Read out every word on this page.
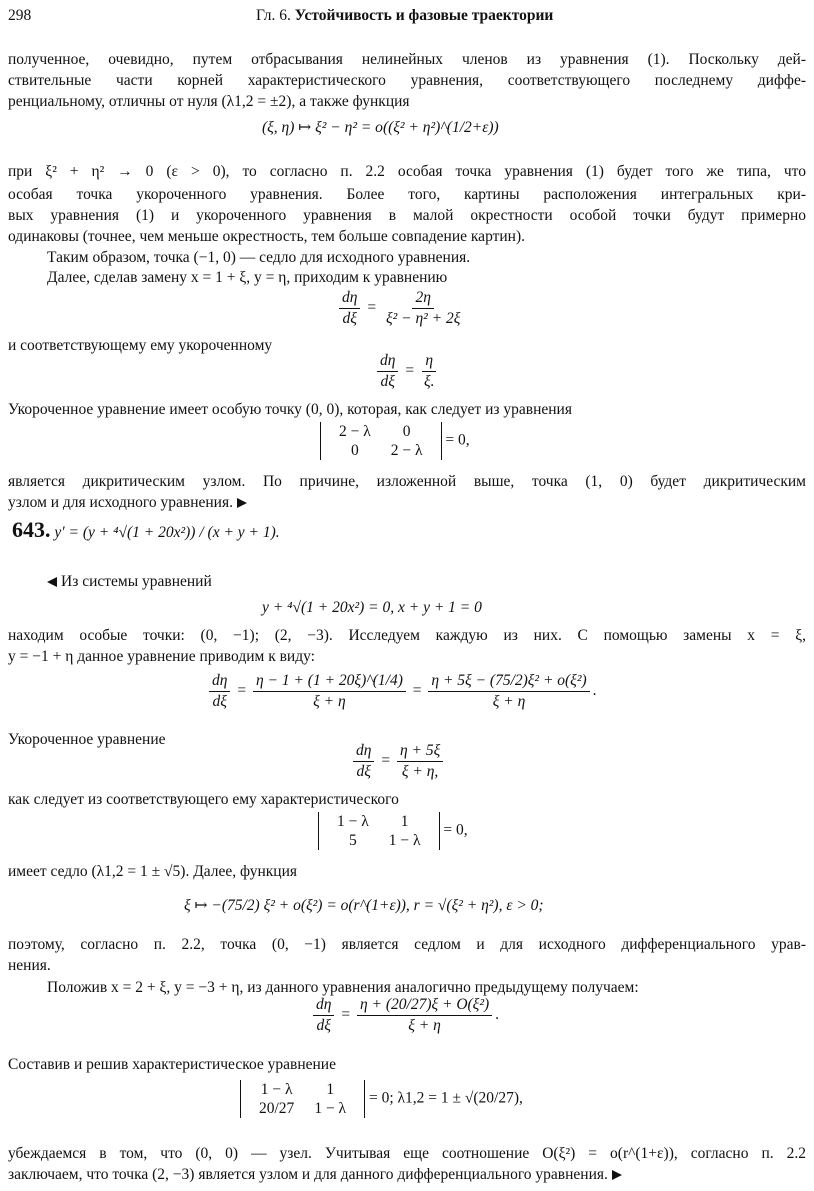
298	Гл. 6. Устойчивость и фазовые траектории
полученное, очевидно, путем отбрасывания нелинейных членов из уравнения (1). Поскольку дей-
ствительные части корней характеристического уравнения, соответствующего последнему диффе-
ренциальному, отличны от нуля (λ1,2 = ±2), а также функция
(ξ, η) ↦ ξ² − η² = o((ξ² + η²)^(1/2+ε))
при ξ² + η² → 0 (ε > 0), то согласно п. 2.2 особая точка уравнения (1) будет того же типа, что
особая точка укороченного уравнения. Более того, картины расположения интегральных кри-
вых уравнения (1) и укороченного уравнения в малой окрестности особой точки будут примерно
одинаковы (точнее, чем меньше окрестность, тем больше совпадение картин).
Таким образом, точка (−1, 0) — седло для исходного уравнения.
Далее, сделав замену x = 1 + ξ, y = η, приходим к уравнению
$\frac{d\eta}{d\xi} = \frac{2\eta}{\text{ξ² − η² + 2ξ}}$
и соответствующему ему укороченному
$\frac{d\eta}{d\xi} = \frac{\eta}{\xi.}$
Укороченное уравнение имеет особую точку (0, 0), которая, как следует из уравнения
2 − λ	0
0	2 − λ
= 0,
является дикритическим узлом. По причине, изложенной выше, точка (1, 0) будет дикритическим
узлом и для исходного уравнения.
643. y′ = (y + ⁴√(1 + 20x²)) / (x + y + 1).
Из системы уравнений
y + ⁴√(1 + 20x²) = 0, x + y + 1 = 0
находим особые точки: (0, −1); (2, −3). Исследуем каждую из них. С помощью замены x = ξ,
y = −1 + η данное уравнение приводим к виду:
$\frac{d\eta}{d\xi} = \frac{\eta - 1 + (1 + 20\xi)\^{}(1/4)}{\xi + \eta} = \frac{\text{η + 5ξ − (75/2)ξ² + o(ξ²)}}{\xi + \eta}$ .
Укороченное уравнение
$\frac{d\eta}{d\xi} = \frac{\eta + 5\xi}{\xi + \eta,}$
как следует из соответствующего ему характеристического
1 − λ	1
5	1 − λ
= 0,
имеет седло (λ1,2 = 1 ± √5). Далее, функция
ξ ↦ −(75/2) ξ² + o(ξ²) = o(r^(1+ε)), r = √(ξ² + η²), ε > 0;
поэтому, согласно п. 2.2, точка (0, −1) является седлом и для исходного дифференциального урав-
нения.
Положив x = 2 + ξ, y = −3 + η, из данного уравнения аналогично предыдущему получаем:
$\frac{d\eta}{d\xi} = \frac{\text{η + (20/27)ξ + O(ξ²)}}{\xi + \eta}$ .
Составив и решив характеристическое уравнение
1 − λ	1
20/27	1 − λ
= 0; λ1,2 = 1 ± √(20/27),
убеждаемся в том, что (0, 0) — узел. Учитывая еще соотношение O(ξ²) = o(r^(1+ε)), согласно п. 2.2
заключаем, что точка (2, −3) является узлом и для данного дифференциального уравнения.
